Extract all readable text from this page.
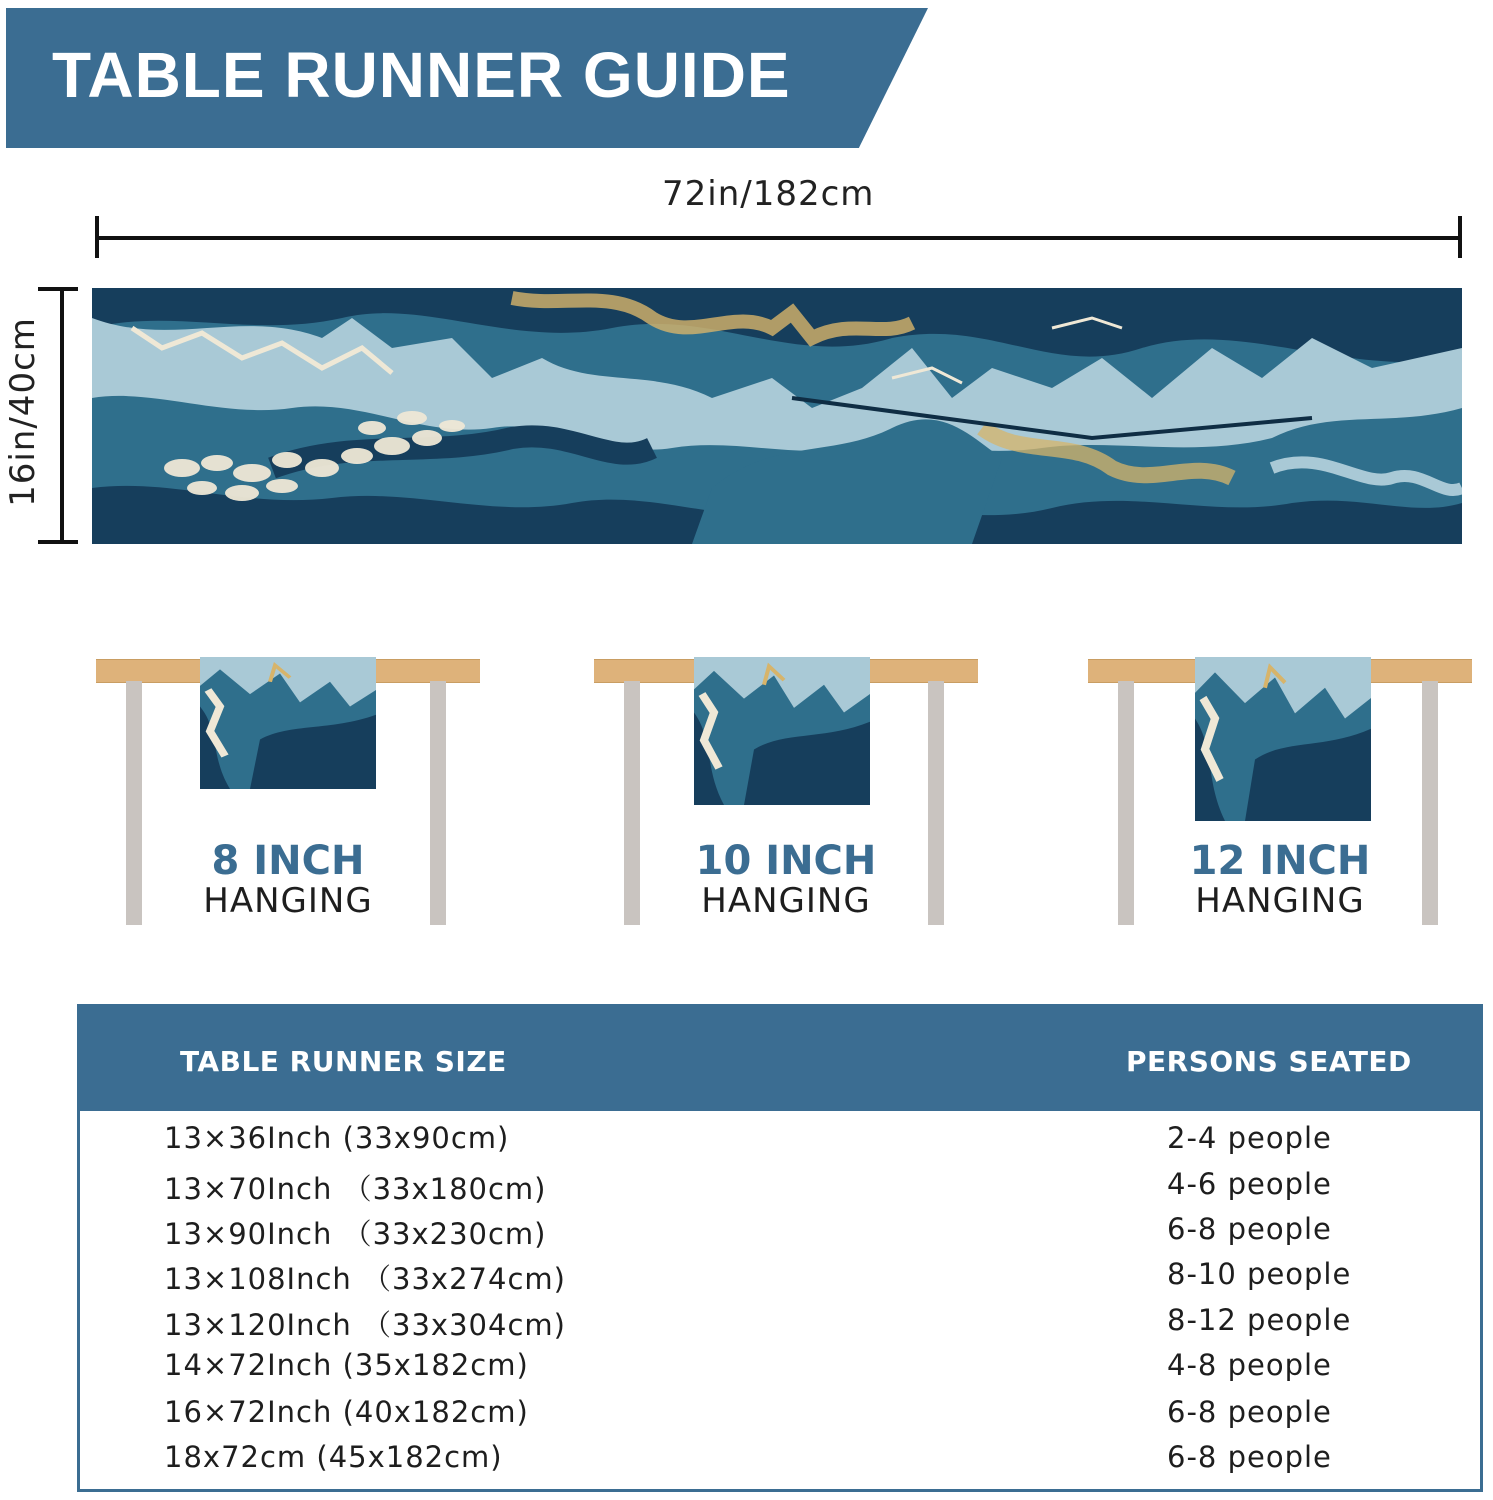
TABLE RUNNER GUIDE
72in/182cm
16in/40cm
8 INCH
HANGING
10 INCH
HANGING
12 INCH
HANGING
TABLE RUNNER SIZE	PERSONS SEATED
13×36Inch (33x90cm)	2-4 people
13×70Inch （33x180cm)	4-6 people
13×90Inch （33x230cm)	6-8 people
13×108Inch （33x274cm)	8-10 people
13×120Inch （33x304cm)	8-12 people
14×72Inch (35x182cm)	4-8 people
16×72Inch (40x182cm)	6-8 people
18x72cm (45x182cm)	6-8 people
